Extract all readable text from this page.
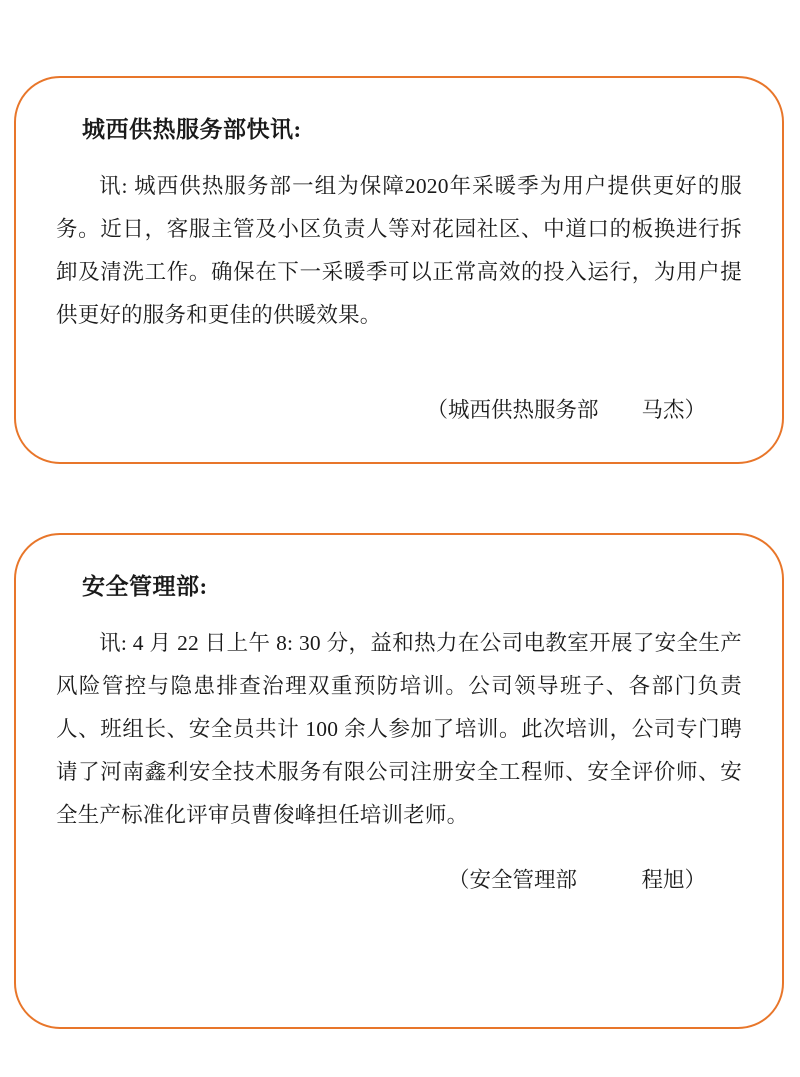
城西供热服务部快讯:

讯: 城西供热服务部一组为保障2020年采暖季为用户提供更好的服务。近日，客服主管及小区负责人等对花园社区、中道口的板换进行拆卸及清洗工作。确保在下一采暖季可以正常高效的投入运行，为用户提供更好的服务和更佳的供暖效果。

（城西供热服务部　　马杰）
安全管理部:

讯: 4 月 22 日上午 8: 30 分，益和热力在公司电教室开展了安全生产风险管控与隐患排查治理双重预防培训。公司领导班子、各部门负责人、班组长、安全员共计 100 余人参加了培训。此次培训，公司专门聘请了河南鑫利安全技术服务有限公司注册安全工程师、安全评价师、安全生产标准化评审员曹俊峰担任培训老师。

（安全管理部　　　程旭）
